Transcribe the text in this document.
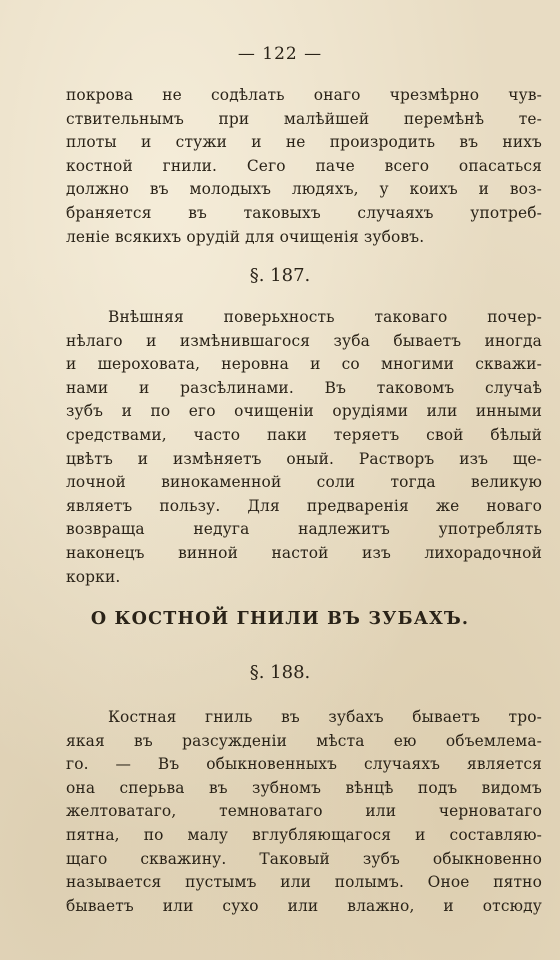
— 122 —
покрова не содѣлать онаго чрезмѣрно чув-
ствительнымъ при малѣйшей перемѣнѣ те-
плоты и стужи и не произродить въ нихъ
костной гнили. Сего паче всего опасаться
должно въ молодыхъ людяхъ, у коихъ и воз-
браняется въ таковыхъ случаяхъ употреб-
леніе всякихъ орудій для очищенія зубовъ.
§. 187.
Внѣшняя поверьхность таковаго почер-
нѣлаго и измѣнившагося зуба бываетъ иногда
и шероховата, неровна и со многими скважи-
нами и разсѣлинами. Въ таковомъ случаѣ
зубъ и по его очищеніи орудіями или инными
средствами, часто паки теряетъ свой бѣлый
цвѣтъ и измѣняетъ оный. Растворъ изъ ще-
лочной винокаменной соли тогда великую
являетъ пользу. Для предваренія же новаго
возвраща недуга надлежитъ употреблять
наконецъ винной настой изъ лихорадочной
корки.
О КОСТНОЙ ГНИЛИ ВЪ ЗУБАХЪ.
§. 188.
Костная гниль въ зубахъ бываетъ тро-
якая въ разсужденіи мѣста ею объемлема-
го. — Въ обыкновенныхъ случаяхъ является
она сперьва въ зубномъ вѣнцѣ подъ видомъ
желтоватаго, темноватаго или черноватаго
пятна, по малу вглубляющагося и составляю-
щаго скважину. Таковый зубъ обыкновенно
называется пустымъ или полымъ. Оное пятно
бываетъ или сухо или влажно, и отсюду
